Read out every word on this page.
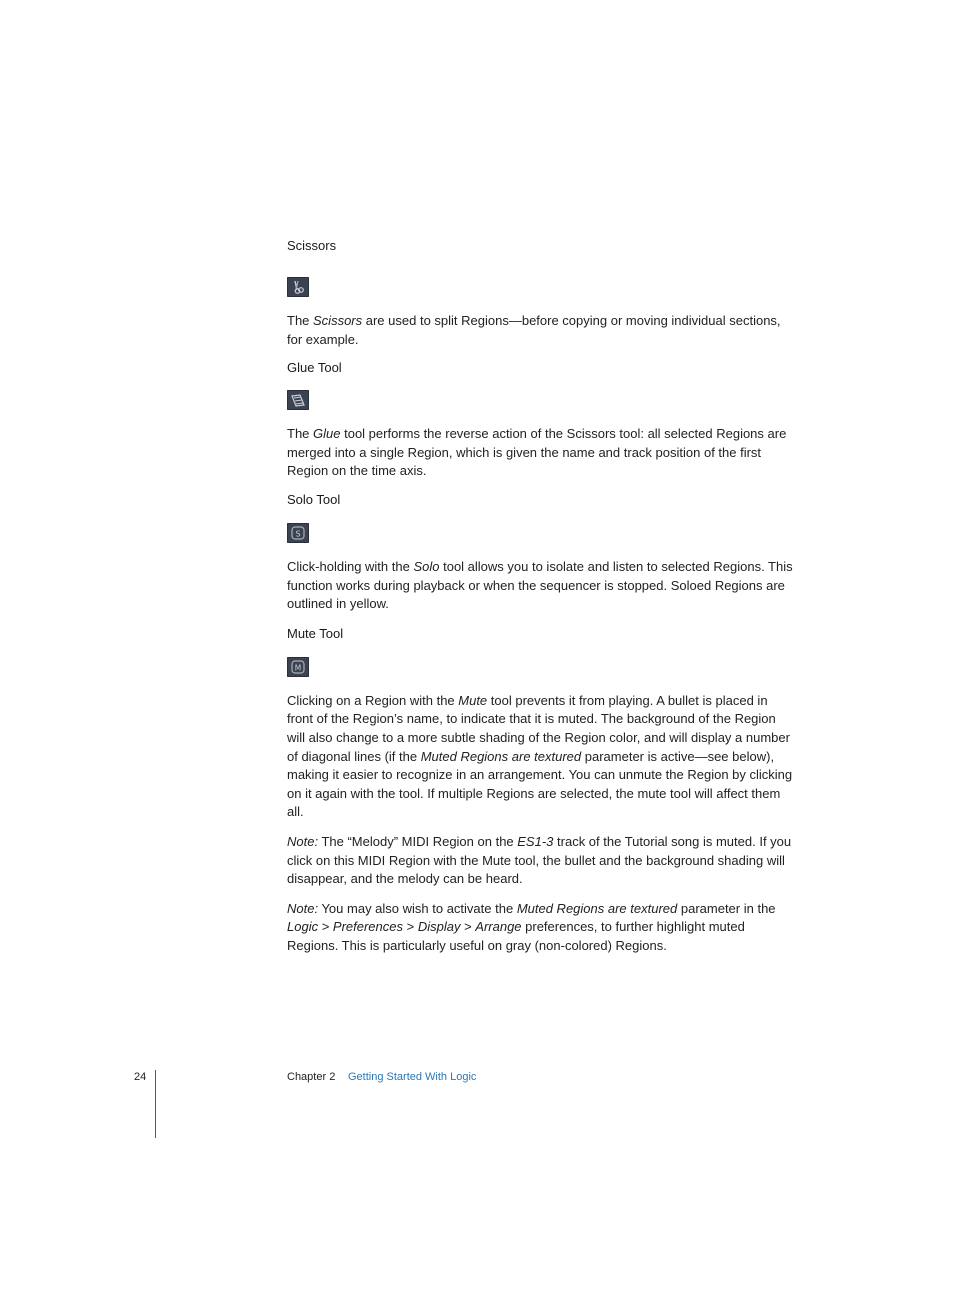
Scissors

The Scissors are used to split Regions—before copying or moving individual sections, for example.

Glue Tool

The Glue tool performs the reverse action of the Scissors tool: all selected Regions are merged into a single Region, which is given the name and track position of the first Region on the time axis.

Solo Tool
S

Click-holding with the Solo tool allows you to isolate and listen to selected Regions. This function works during playback or when the sequencer is stopped. Soloed Regions are outlined in yellow.

Mute Tool
M

Clicking on a Region with the Mute tool prevents it from playing. A bullet is placed in front of the Region’s name, to indicate that it is muted. The background of the Region will also change to a more subtle shading of the Region color, and will display a number of diagonal lines (if the Muted Regions are textured parameter is active—see below), making it easier to recognize in an arrangement. You can unmute the Region by clicking on it again with the tool. If multiple Regions are selected, the mute tool will affect them all.

Note: The “Melody” MIDI Region on the ES1-3 track of the Tutorial song is muted. If you click on this MIDI Region with the Mute tool, the bullet and the background shading will disappear, and the melody can be heard.

Note: You may also wish to activate the Muted Regions are textured parameter in the Logic > Preferences > Display > Arrange preferences, to further highlight muted Regions. This is particularly useful on gray (non-colored) Regions.

24	Chapter 2 Getting Started With Logic
